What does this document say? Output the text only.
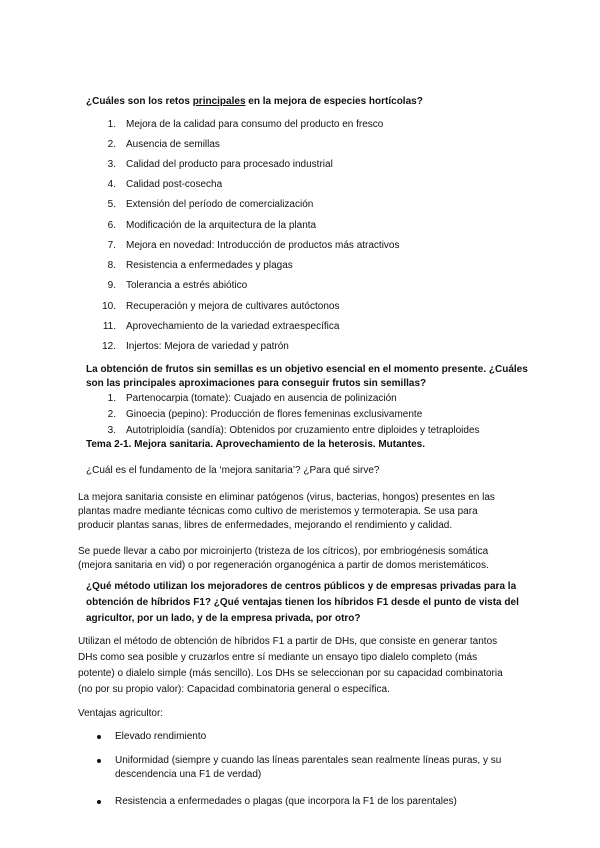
¿Cuáles son los retos principales en la mejora de especies hortícolas?
1. Mejora de la calidad para consumo del producto en fresco
2. Ausencia de semillas
3. Calidad del producto para procesado industrial
4. Calidad post-cosecha
5. Extensión del período de comercialización
6. Modificación de la arquitectura de la planta
7. Mejora en novedad: Introducción de productos más atractivos
8. Resistencia a enfermedades y plagas
9. Tolerancia a estrés abiótico
10. Recuperación y mejora de cultivares autóctonos
11. Aprovechamiento de la variedad extraespecífica
12. Injertos: Mejora de variedad y patrón
La obtención de frutos sin semillas es un objetivo esencial en el momento presente. ¿Cuáles
son las principales aproximaciones para conseguir frutos sin semillas?
1. Partenocarpia (tomate): Cuajado en ausencia de polinización
2. Ginoecia (pepino): Producción de flores femeninas exclusivamente
3. Autotriploidía (sandía): Obtenidos por cruzamiento entre diploides y tetraploides
Tema 2-1. Mejora sanitaria. Aprovechamiento de la heterosis. Mutantes.
¿Cuál es el fundamento de la ‘mejora sanitaria’? ¿Para qué sirve?
La mejora sanitaria consiste en eliminar patógenos (virus, bacterias, hongos) presentes en las
plantas madre mediante técnicas como cultivo de meristemos y termoterapia. Se usa para
producir plantas sanas, libres de enfermedades, mejorando el rendimiento y calidad.
Se puede llevar a cabo por microinjerto (tristeza de los cítricos), por embriogénesis somática
(mejora sanitaria en vid) o por regeneración organogénica a partir de domos meristemáticos.
¿Qué método utilizan los mejoradores de centros públicos y de empresas privadas para la
obtención de híbridos F1? ¿Qué ventajas tienen los híbridos F1 desde el punto de vista del
agricultor, por un lado, y de la empresa privada, por otro?
Utilizan el método de obtención de híbridos F1 a partir de DHs, que consiste en generar tantos
DHs como sea posible y cruzarlos entre sí mediante un ensayo tipo dialelo completo (más
potente) o dialelo simple (más sencillo). Los DHs se seleccionan por su capacidad combinatoria
(no por su propio valor): Capacidad combinatoria general o específica.
Ventajas agricultor:
Elevado rendimiento
Uniformidad (siempre y cuando las líneas parentales sean realmente líneas puras, y su
descendencia una F1 de verdad)
Resistencia a enfermedades o plagas (que incorpora la F1 de los parentales)
